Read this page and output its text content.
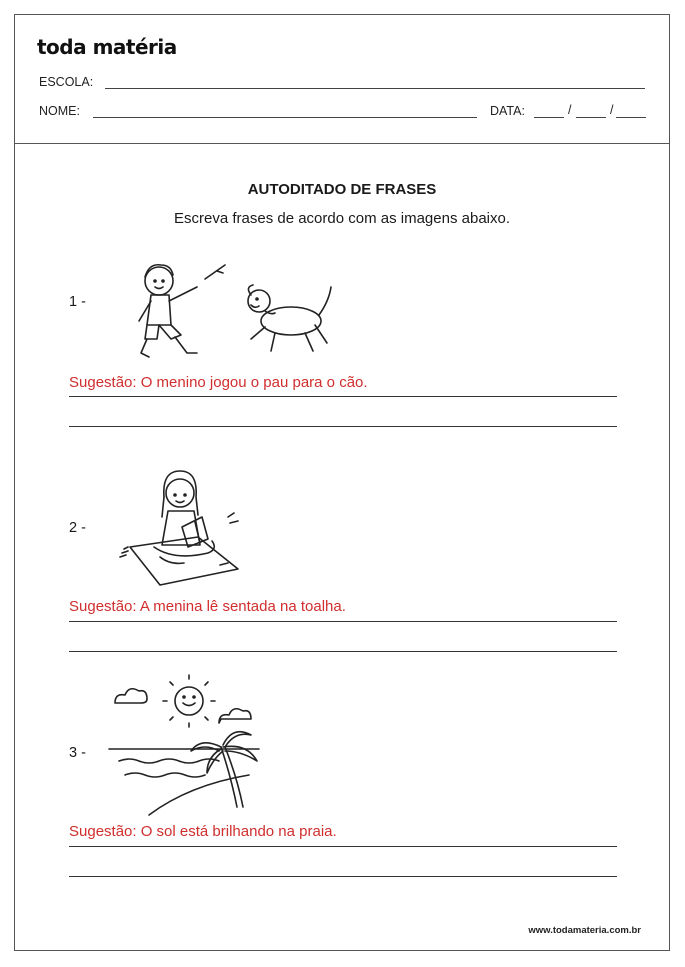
toda matéria
ESCOLA:
NOME:	DATA:	/	/
AUTODITADO DE FRASES
Escreva frases de acordo com as imagens abaixo.
1 -
Sugestão: O menino jogou o pau para o cão.
2 -
Sugestão: A menina lê sentada na toalha.
3 -
Sugestão: O sol está brilhando na praia.
www.todamateria.com.br
